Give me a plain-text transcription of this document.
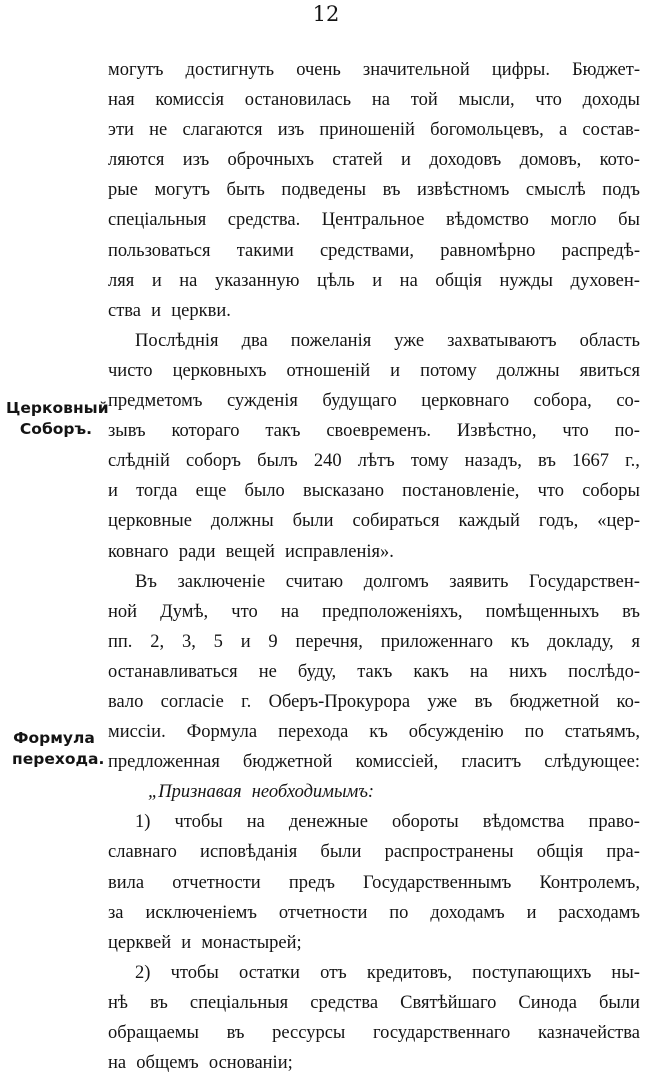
12
Церковный
Соборъ.
Формула
перехода.
могутъ достигнуть очень значительной цифры. Бюджет-
ная комиссія остановилась на той мысли, что доходы
эти не слагаются изъ приношеній богомольцевъ, а состав-
ляются изъ оброчныхъ статей и доходовъ домовъ, кото-
рые могутъ быть подведены въ извѣстномъ смыслѣ подъ
спеціальныя средства. Центральное вѣдомство могло бы
пользоваться такими средствами, равномѣрно распредѣ-
ляя и на указанную цѣль и на общія нужды духовен-
ства и церкви.
Послѣднія два пожеланія уже захватываютъ область
чисто церковныхъ отношеній и потому должны явиться
предметомъ сужденія будущаго церковнаго собора, со-
зывъ котораго такъ своевременъ. Извѣстно, что по-
слѣдній соборъ былъ 240 лѣтъ тому назадъ, въ 1667 г.,
и тогда еще было высказано постановленіе, что соборы
церковные должны были собираться каждый годъ, «цер-
ковнаго ради вещей исправленія».
Въ заключеніе считаю долгомъ заявить Государствен-
ной Думѣ, что на предположеніяхъ, помѣщенныхъ въ
пп. 2, 3, 5 и 9 перечня, приложеннаго къ докладу, я
останавливаться не буду, такъ какъ на нихъ послѣдо-
вало согласіе г. Оберъ-Прокурора уже въ бюджетной ко-
миссіи. Формула перехода къ обсужденію по статьямъ,
предложенная бюджетной комиссіей, гласитъ слѣдующее:
„Признавая необходимымъ:
1) чтобы на денежные обороты вѣдомства право-
славнаго исповѣданія были распространены общія пра-
вила отчетности предъ Государственнымъ Контролемъ,
за исключеніемъ отчетности по доходамъ и расходамъ
церквей и монастырей;
2) чтобы остатки отъ кредитовъ, поступающихъ ны-
нѣ въ спеціальныя средства Святѣйшаго Синода были
обращаемы въ рессурсы государственнаго казначейства
на общемъ основаніи;
